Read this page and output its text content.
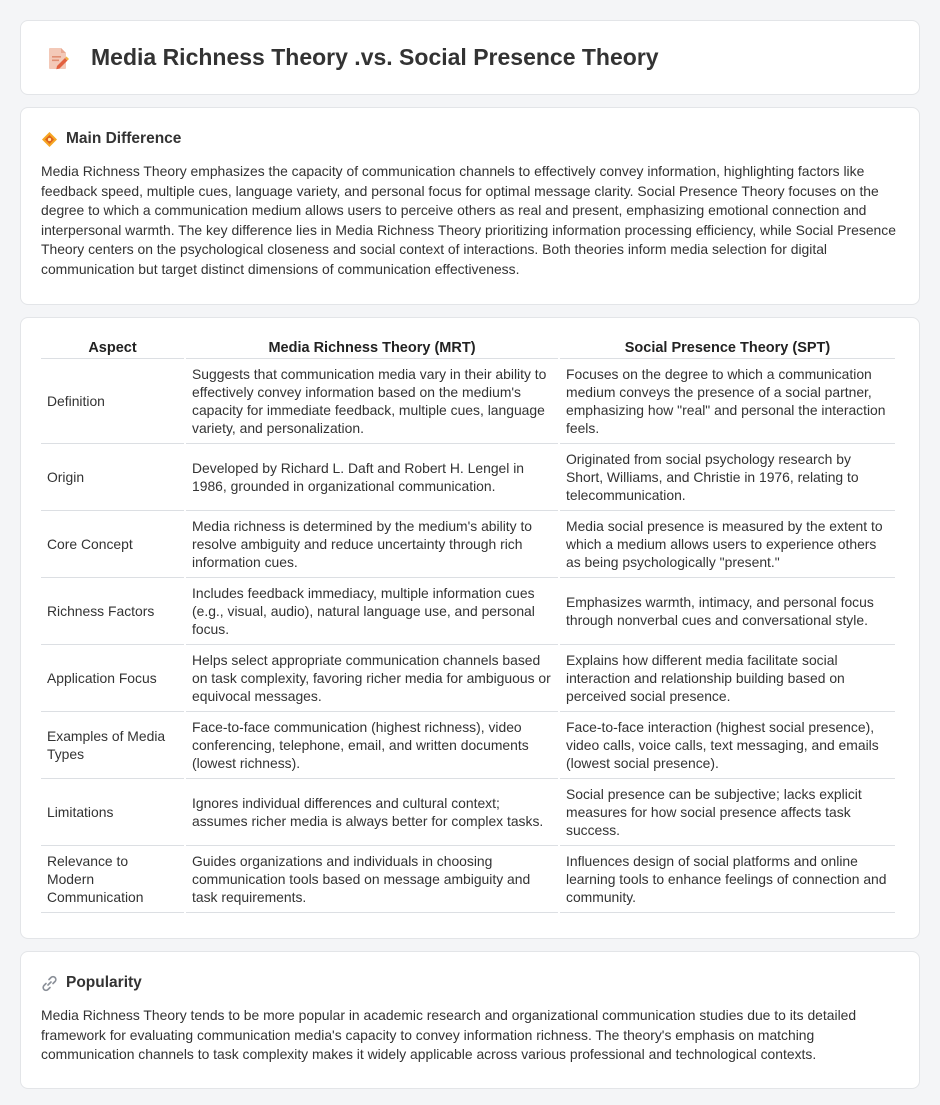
Media Richness Theory .vs. Social Presence Theory
Main Difference

Media Richness Theory emphasizes the capacity of communication channels to effectively convey information, highlighting factors like feedback speed, multiple cues, language variety, and personal focus for optimal message clarity. Social Presence Theory focuses on the degree to which a communication medium allows users to perceive others as real and present, emphasizing emotional connection and interpersonal warmth. The key difference lies in Media Richness Theory prioritizing information processing efficiency, while Social Presence Theory centers on the psychological closeness and social context of interactions. Both theories inform media selection for digital communication but target distinct dimensions of communication effectiveness.

Aspect	Media Richness Theory (MRT)	Social Presence Theory (SPT)
Definition	Suggests that communication media vary in their ability to effectively convey information based on the medium's capacity for immediate feedback, multiple cues, language variety, and personalization.	Focuses on the degree to which a communication medium conveys the presence of a social partner, emphasizing how "real" and personal the interaction feels.
Origin	Developed by Richard L. Daft and Robert H. Lengel in 1986, grounded in organizational communication.	Originated from social psychology research by Short, Williams, and Christie in 1976, relating to telecommunication.
Core Concept	Media richness is determined by the medium's ability to resolve ambiguity and reduce uncertainty through rich information cues.	Media social presence is measured by the extent to which a medium allows users to experience others as being psychologically "present."
Richness Factors	Includes feedback immediacy, multiple information cues (e.g., visual, audio), natural language use, and personal focus.	Emphasizes warmth, intimacy, and personal focus through nonverbal cues and conversational style.
Application Focus	Helps select appropriate communication channels based on task complexity, favoring richer media for ambiguous or equivocal messages.	Explains how different media facilitate social interaction and relationship building based on perceived social presence.
Examples of Media Types	Face-to-face communication (highest richness), video conferencing, telephone, email, and written documents (lowest richness).	Face-to-face interaction (highest social presence), video calls, voice calls, text messaging, and emails (lowest social presence).
Limitations	Ignores individual differences and cultural context; assumes richer media is always better for complex tasks.	Social presence can be subjective; lacks explicit measures for how social presence affects task success.
Relevance to Modern Communication	Guides organizations and individuals in choosing communication tools based on message ambiguity and task requirements.	Influences design of social platforms and online learning tools to enhance feelings of connection and community.
Popularity

Media Richness Theory tends to be more popular in academic research and organizational communication studies due to its detailed framework for evaluating communication media's capacity to convey information richness. The theory's emphasis on matching communication channels to task complexity makes it widely applicable across various professional and technological contexts.
